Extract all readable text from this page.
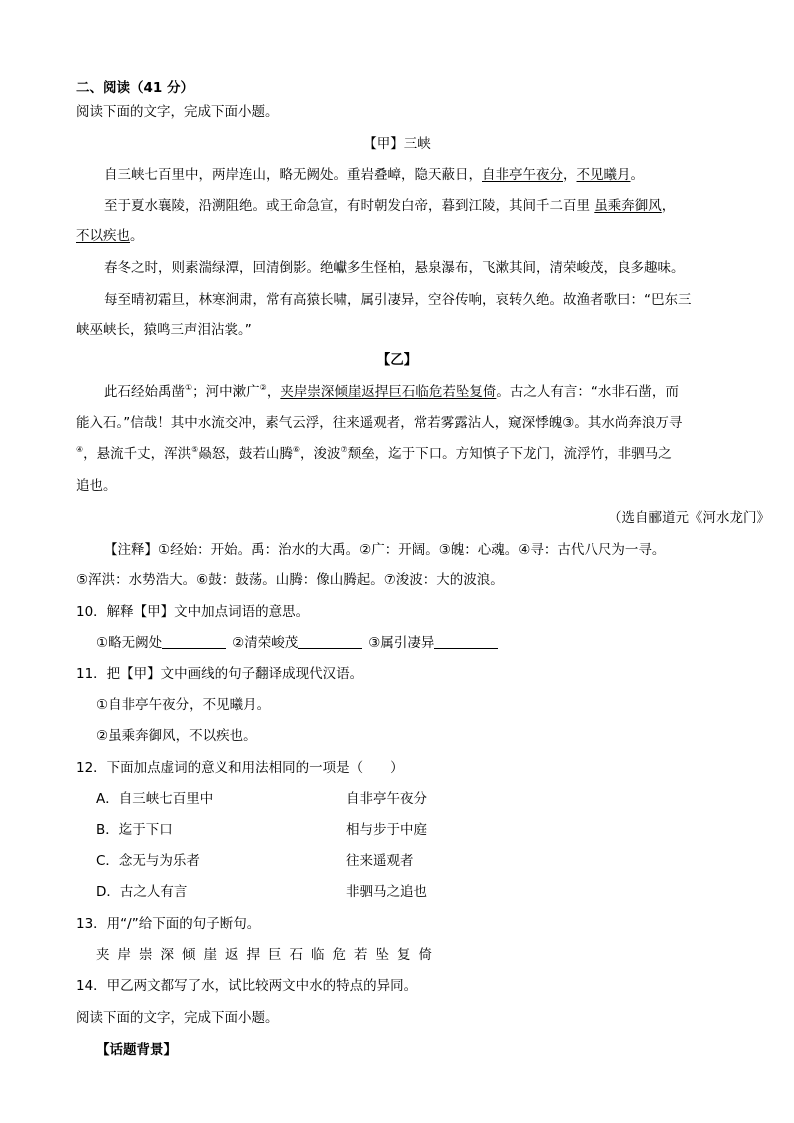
二、阅读（41 分）
阅读下面的文字，完成下面小题。
【甲】三峡
自三峡七百里中，两岸连山，略无阙处。重岩叠嶂，隐天蔽日，自非亭午夜分，不见曦月。
至于夏水襄陵，沿溯阻绝。或王命急宣，有时朝发白帝，暮到江陵，其间千二百里 虽乘奔御风，
不以疾也。
春冬之时，则素湍绿潭，回清倒影。绝巘多生怪柏，悬泉瀑布，飞漱其间，清荣峻茂，良多趣味。
每至晴初霜旦，林寒涧肃，常有高猿长啸，属引凄异，空谷传响，哀转久绝。故渔者歌曰：“巴东三
峡巫峡长，猿鸣三声泪沾裳。”
【乙】
此石经始禹凿①；河中漱广②，夹岸崇深倾崖返捍巨石临危若坠复倚。古之人有言：“水非石凿，而
能入石。”信哉！其中水流交冲，素气云浮，往来遥观者，常若雾露沾人，窥深悸魄③。其水尚奔浪万寻
④，悬流千丈，浑洪⑤赑怒，鼓若山腾⑥，浚波⑦颓垒，迄于下口。方知慎子下龙门，流浮竹，非驷马之
追也。
（选自郦道元《河水龙门》
【注释】①经始：开始。禹：治水的大禹。②广：开阔。③魄：心魂。④寻：古代八尺为一寻。
⑤浑洪：水势浩大。⑥鼓：鼓荡。山腾：像山腾起。⑦浚波：大的波浪。
10．解释【甲】文中加点词语的意思。
①略无阙处	②清荣峻茂	③属引凄异
11．把【甲】文中画线的句子翻译成现代汉语。
①自非亭午夜分，不见曦月。
②虽乘奔御风，不以疾也。
12．下面加点虚词的意义和用法相同的一项是（　　）
A．自三峡七百里中	自非亭午夜分
B．迄于下口	相与步于中庭
C．念无与为乐者	往来遥观者
D．古之人有言	非驷马之追也
13．用“/”给下面的句子断句。
夹岸崇深倾崖返捍巨石临危若坠复倚
14．甲乙两文都写了水，试比较两文中水的特点的异同。
阅读下面的文字，完成下面小题。
【话题背景】
